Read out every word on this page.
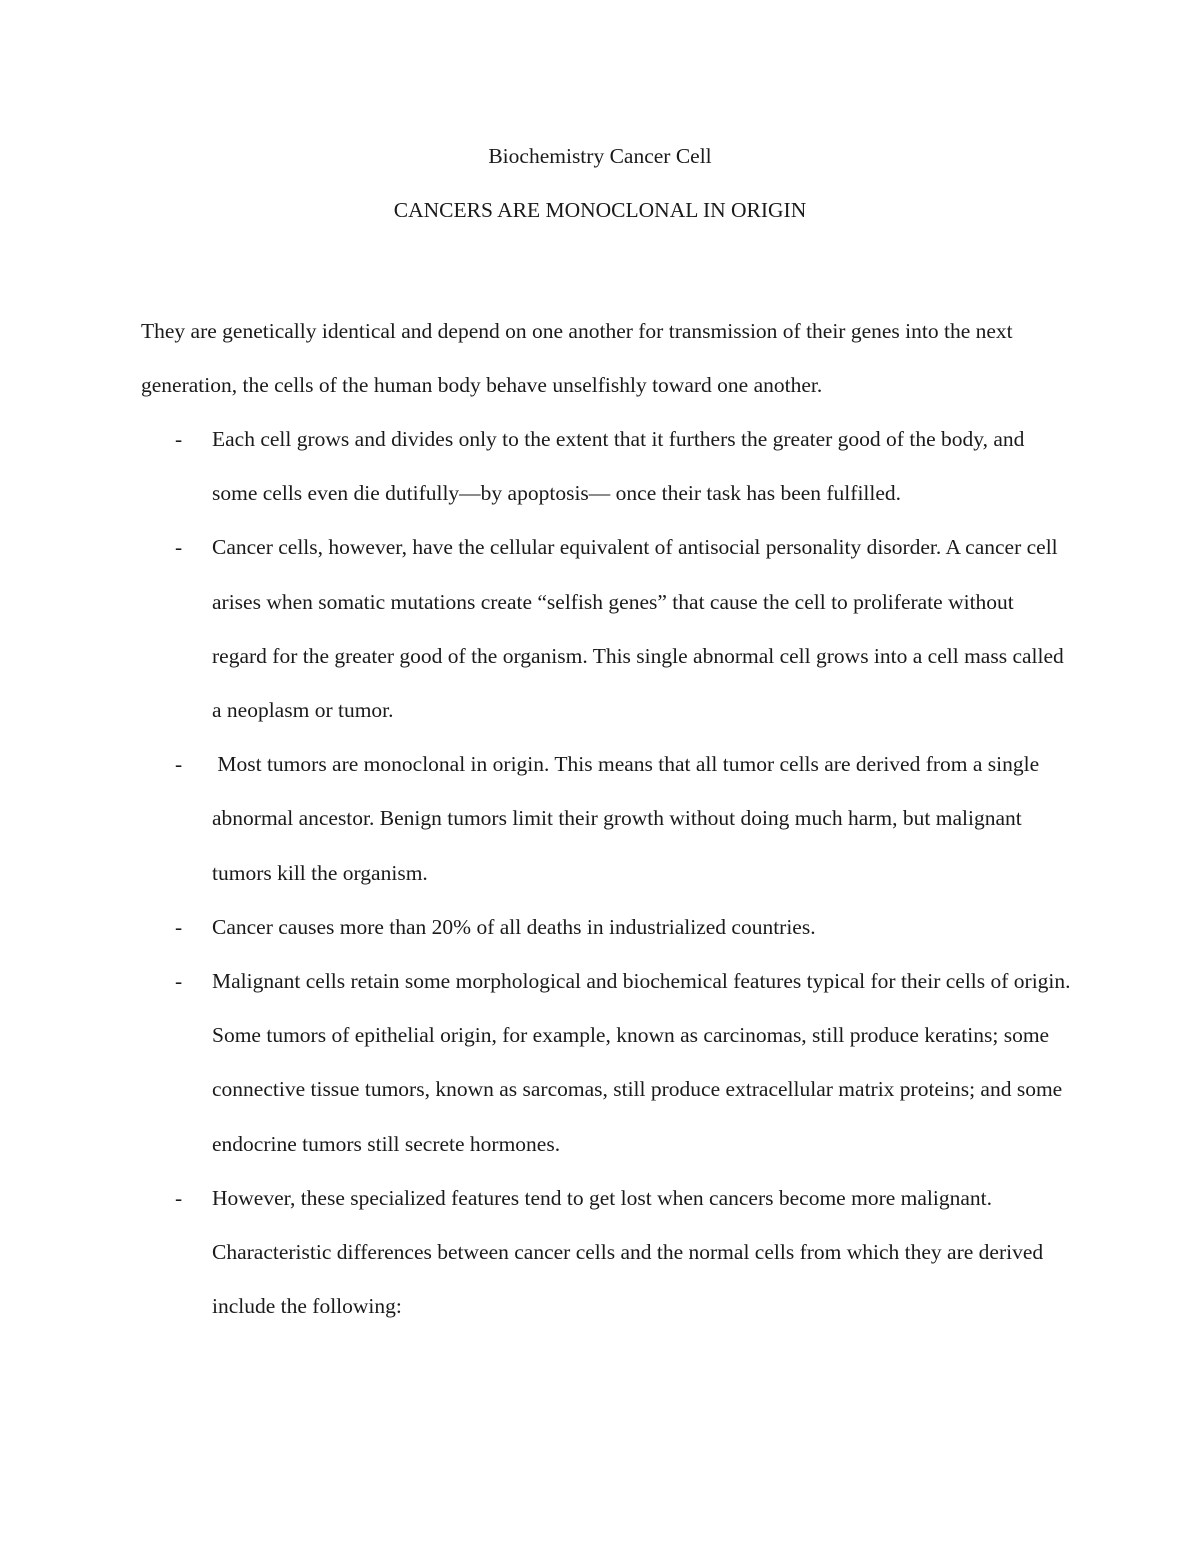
Biochemistry Cancer Cell
CANCERS ARE MONOCLONAL IN ORIGIN

They are genetically identical and depend on one another for transmission of their genes into the next generation, the cells of the human body behave unselfishly toward one another.

- Each cell grows and divides only to the extent that it furthers the greater good of the body, and some cells even die dutifully—by apoptosis— once their task has been fulfilled.
- Cancer cells, however, have the cellular equivalent of antisocial personality disorder. A cancer cell arises when somatic mutations create “selfish genes” that cause the cell to proliferate without regard for the greater good of the organism. This single abnormal cell grows into a cell mass called a neoplasm or tumor.
- Most tumors are monoclonal in origin. This means that all tumor cells are derived from a single abnormal ancestor. Benign tumors limit their growth without doing much harm, but malignant tumors kill the organism.
- Cancer causes more than 20% of all deaths in industrialized countries.
- Malignant cells retain some morphological and biochemical features typical for their cells of origin. Some tumors of epithelial origin, for example, known as carcinomas, still produce keratins; some connective tissue tumors, known as sarcomas, still produce extracellular matrix proteins; and some endocrine tumors still secrete hormones.
- However, these specialized features tend to get lost when cancers become more malignant. Characteristic differences between cancer cells and the normal cells from which they are derived include the following:
